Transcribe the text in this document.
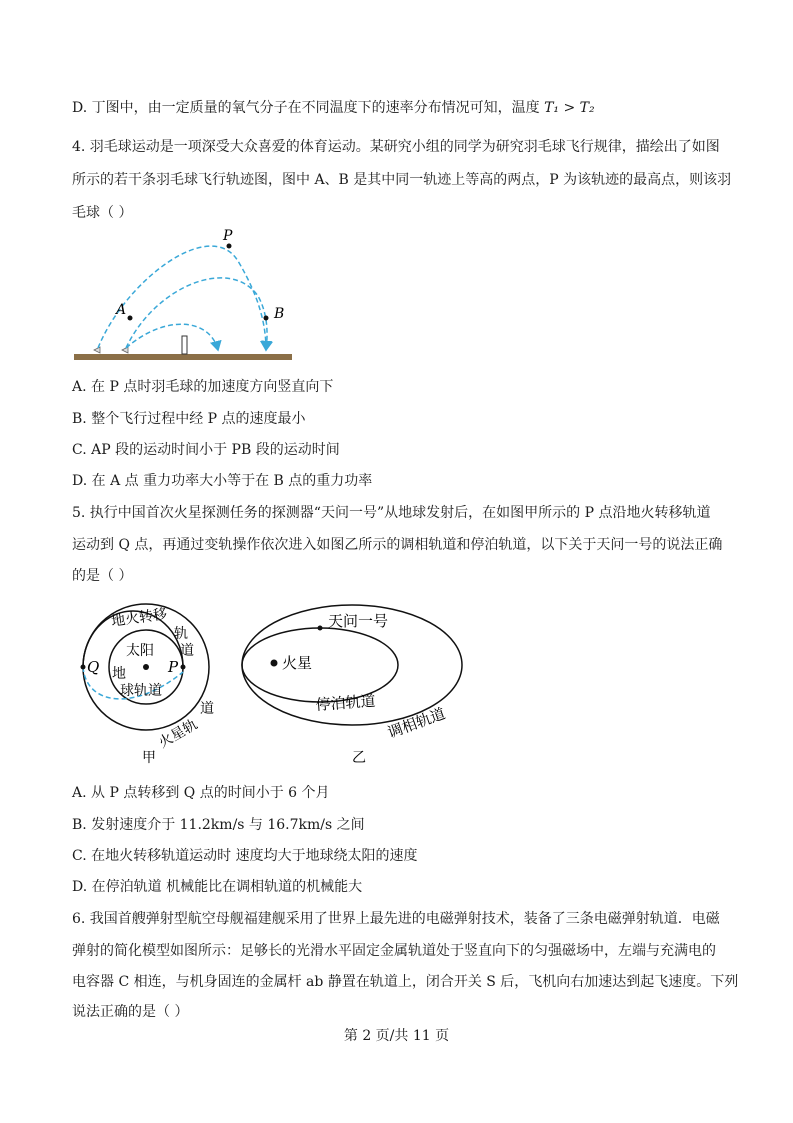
D. 丁图中，由一定质量的氧气分子在不同温度下的速率分布情况可知，温度 T₁ > T₂
4. 羽毛球运动是一项深受大众喜爱的体育运动。某研究小组的同学为研究羽毛球飞行规律，描绘出了如图
所示的若干条羽毛球飞行轨迹图，图中 A、B 是其中同一轨迹上等高的两点，P 为该轨迹的最高点，则该羽
毛球（ ）
A
P
B
A. 在 P 点时羽毛球的加速度方向竖直向下
B. 整个飞行过程中经 P 点的速度最小
C. AP 段的运动时间小于 PB 段的运动时间
D. 在 A 点 重力功率大小等于在 B 点的重力功率
5. 执行中国首次火星探测任务的探测器“天问一号”从地球发射后，在如图甲所示的 P 点沿地火转移轨道
运动到 Q 点，再通过变轨操作依次进入如图乙所示的调相轨道和停泊轨道，以下关于天问一号的说法正确
的是（ ）
Q	P
太阳
地火转移
轨
道
地
球轨道
火星轨
道
甲
火星
天问一号
停泊轨道
调相轨道
乙
A. 从 P 点转移到 Q 点的时间小于 6 个月
B. 发射速度介于 11.2km/s 与 16.7km/s 之间
C. 在地火转移轨道运动时 速度均大于地球绕太阳的速度
D. 在停泊轨道 机械能比在调相轨道的机械能大
6. 我国首艘弹射型航空母舰福建舰采用了世界上最先进的电磁弹射技术，装备了三条电磁弹射轨道．电磁
弹射的简化模型如图所示：足够长的光滑水平固定金属轨道处于竖直向下的匀强磁场中，左端与充满电的
电容器 C 相连，与机身固连的金属杆 ab 静置在轨道上，闭合开关 S 后，飞机向右加速达到起飞速度。下列
说法正确的是（ ）
第 2 页/共 11 页
